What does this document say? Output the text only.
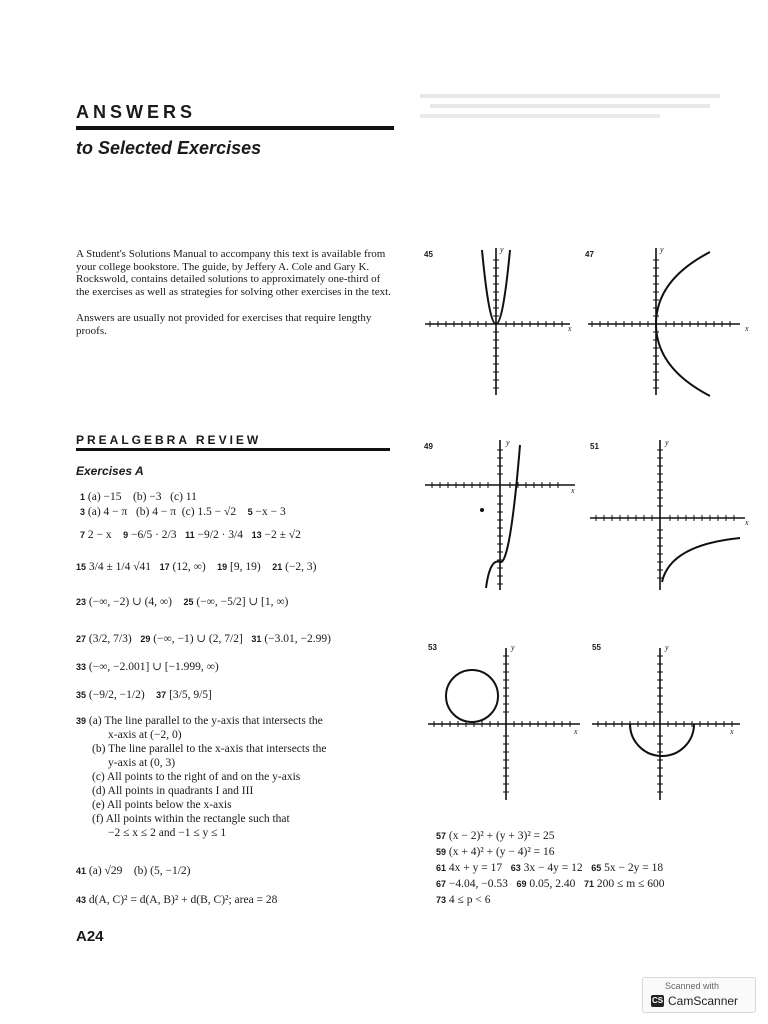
ANSWERS
to Selected Exercises

A Student's Solutions Manual to accompany this text is available from your college bookstore. The guide, by Jeffery A. Cole and Gary K. Rockswold, contains detailed solutions to approximately one-third of the exercises as well as strategies for solving other exercises in the text.

Answers are usually not provided for exercises that require lengthy proofs.

PREALGEBRA REVIEW
Exercises A
1 (a) −15 (b) −3 (c) 11
3 (a) 4 − π (b) 4 − π (c) 1.5 − √2 5 −x − 3
7 2 − x 9 −6/5 · 2/3 11 −9/2 · 3/4 13 −2 ± √2
15 3/4 ± 1/4 √41 17 (12, ∞) 19 [9, 19) 21 (−2, 3)
23 (−∞, −2) ∪ (4, ∞) 25 (−∞, −5/2] ∪ [1, ∞)
27 (3/2, 7/3) 29 (−∞, −1) ∪ (2, 7/2] 31 (−3.01, −2.99)
33 (−∞, −2.001] ∪ [−1.999, ∞)
35 (−9/2, −1/2) 37 [3/5, 9/5]
39 (a) The line parallel to the y-axis that intersects the
x-axis at (−2, 0)
(b) The line parallel to the x-axis that intersects the
y-axis at (0, 3)
(c) All points to the right of and on the y-axis
(d) All points in quadrants I and III
(e) All points below the x-axis
(f) All points within the rectangle such that
−2 ≤ x ≤ 2 and −1 ≤ y ≤ 1
41 (a) √29 (b) (5, −1/2)
43 d(A, C)² = d(A, B)² + d(B, C)²; area = 28
45	47
49	51
53	55
y
x
y
x
y
x
y
x
y
x
y
x
57 (x − 2)² + (y + 3)² = 25
59 (x + 4)² + (y − 4)² = 16
61 4x + y = 17 63 3x − 4y = 12 65 5x − 2y = 18
67 −4.04, −0.53 69 0.05, 2.40 71 200 ≤ m ≤ 600
73 4 ≤ p < 6
A24
Scanned with
CS CamScanner
